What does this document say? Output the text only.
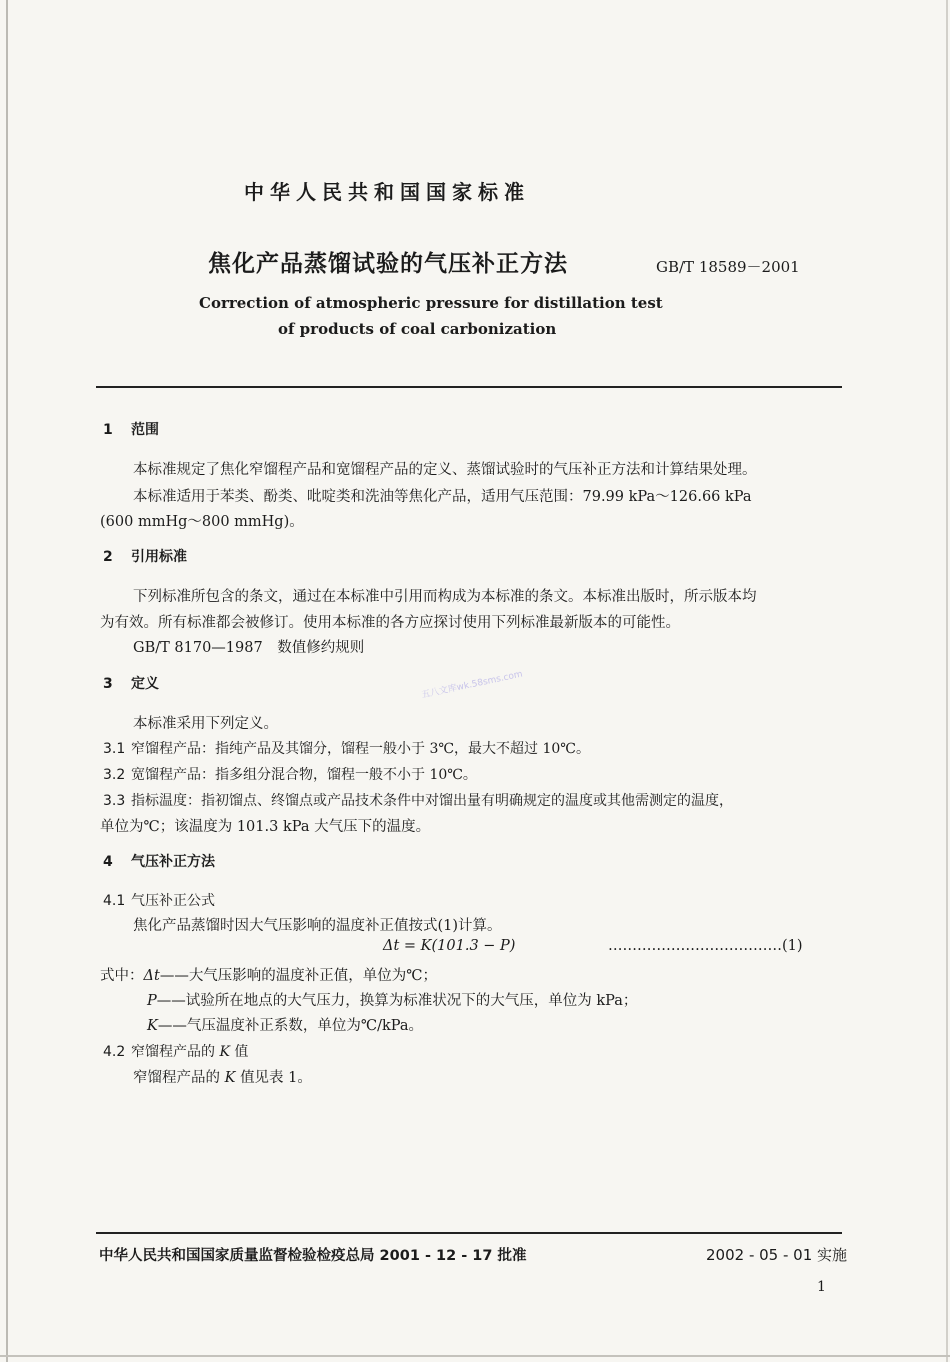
中华人民共和国国家标准
焦化产品蒸馏试验的气压补正方法	GB/T 18589－2001
Correction of atmospheric pressure for distillation test
of products of coal carbonization
1 范围
本标准规定了焦化窄馏程产品和宽馏程产品的定义、蒸馏试验时的气压补正方法和计算结果处理。
本标准适用于苯类、酚类、吡啶类和洗油等焦化产品，适用气压范围：79.99 kPa～126.66 kPa
(600 mmHg～800 mmHg)。
2 引用标准
下列标准所包含的条文，通过在本标准中引用而构成为本标准的条文。本标准出版时，所示版本均
为有效。所有标准都会被修订。使用本标准的各方应探讨使用下列标准最新版本的可能性。
GB/T 8170—1987　数值修约规则
五八文库wk.58sms.com
3 定义
本标准采用下列定义。
3.1 窄馏程产品：指纯产品及其馏分，馏程一般小于 3℃，最大不超过 10℃。
3.2 宽馏程产品：指多组分混合物，馏程一般不小于 10℃。
3.3 指标温度：指初馏点、终馏点或产品技术条件中对馏出量有明确规定的温度或其他需测定的温度，
单位为℃；该温度为 101.3 kPa 大气压下的温度。
4 气压补正方法
4.1 气压补正公式
焦化产品蒸馏时因大气压影响的温度补正值按式(1)计算。
Δt = K(101.3 − P)	………………………………(1)
式中：Δt——大气压影响的温度补正值，单位为℃；
P——试验所在地点的大气压力，换算为标准状况下的大气压，单位为 kPa；
K——气压温度补正系数，单位为℃/kPa。
4.2 窄馏程产品的 K 值
窄馏程产品的 K 值见表 1。
中华人民共和国国家质量监督检验检疫总局 2001 - 12 - 17 批准	2002 - 05 - 01 实施
1
